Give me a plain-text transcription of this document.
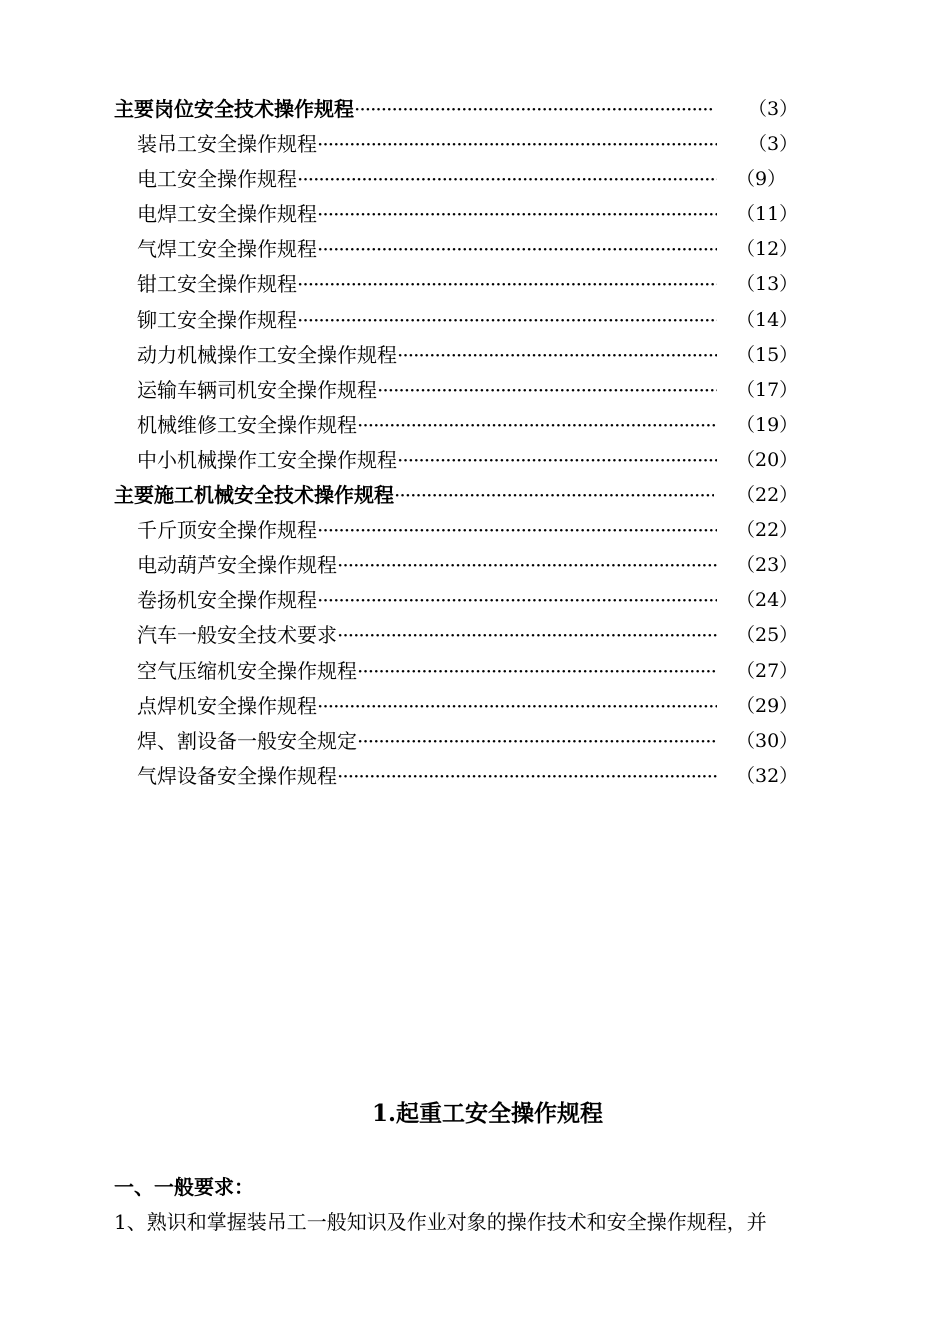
主要岗位安全技术操作规程 ·····	（3）
装吊工安全操作规程 ·····	（3）
电工安全操作规程 ·····	（9）
电焊工安全操作规程 ·····	（11）
气焊工安全操作规程 ·····	（12）
钳工安全操作规程 ·····	（13）
铆工安全操作规程 ·····	（14）
动力机械操作工安全操作规程 ·····	（15）
运输车辆司机安全操作规程 ·····	（17）
机械维修工安全操作规程 ·····	（19）
中小机械操作工安全操作规程 ·····	（20）
主要施工机械安全技术操作规程 ·····	（22）
千斤顶安全操作规程 ·····	（22）
电动葫芦安全操作规程 ·····	（23）
卷扬机安全操作规程 ·····	（24）
汽车一般安全技术要求 ·····	（25）
空气压缩机安全操作规程 ·····	（27）
点焊机安全操作规程 ·····	（29）
焊、割设备一般安全规定 ·····	（30）
气焊设备安全操作规程 ·····	（32）
1.起重工安全操作规程
一、一般要求：
1、熟识和掌握装吊工一般知识及作业对象的操作技术和安全操作规程，并
